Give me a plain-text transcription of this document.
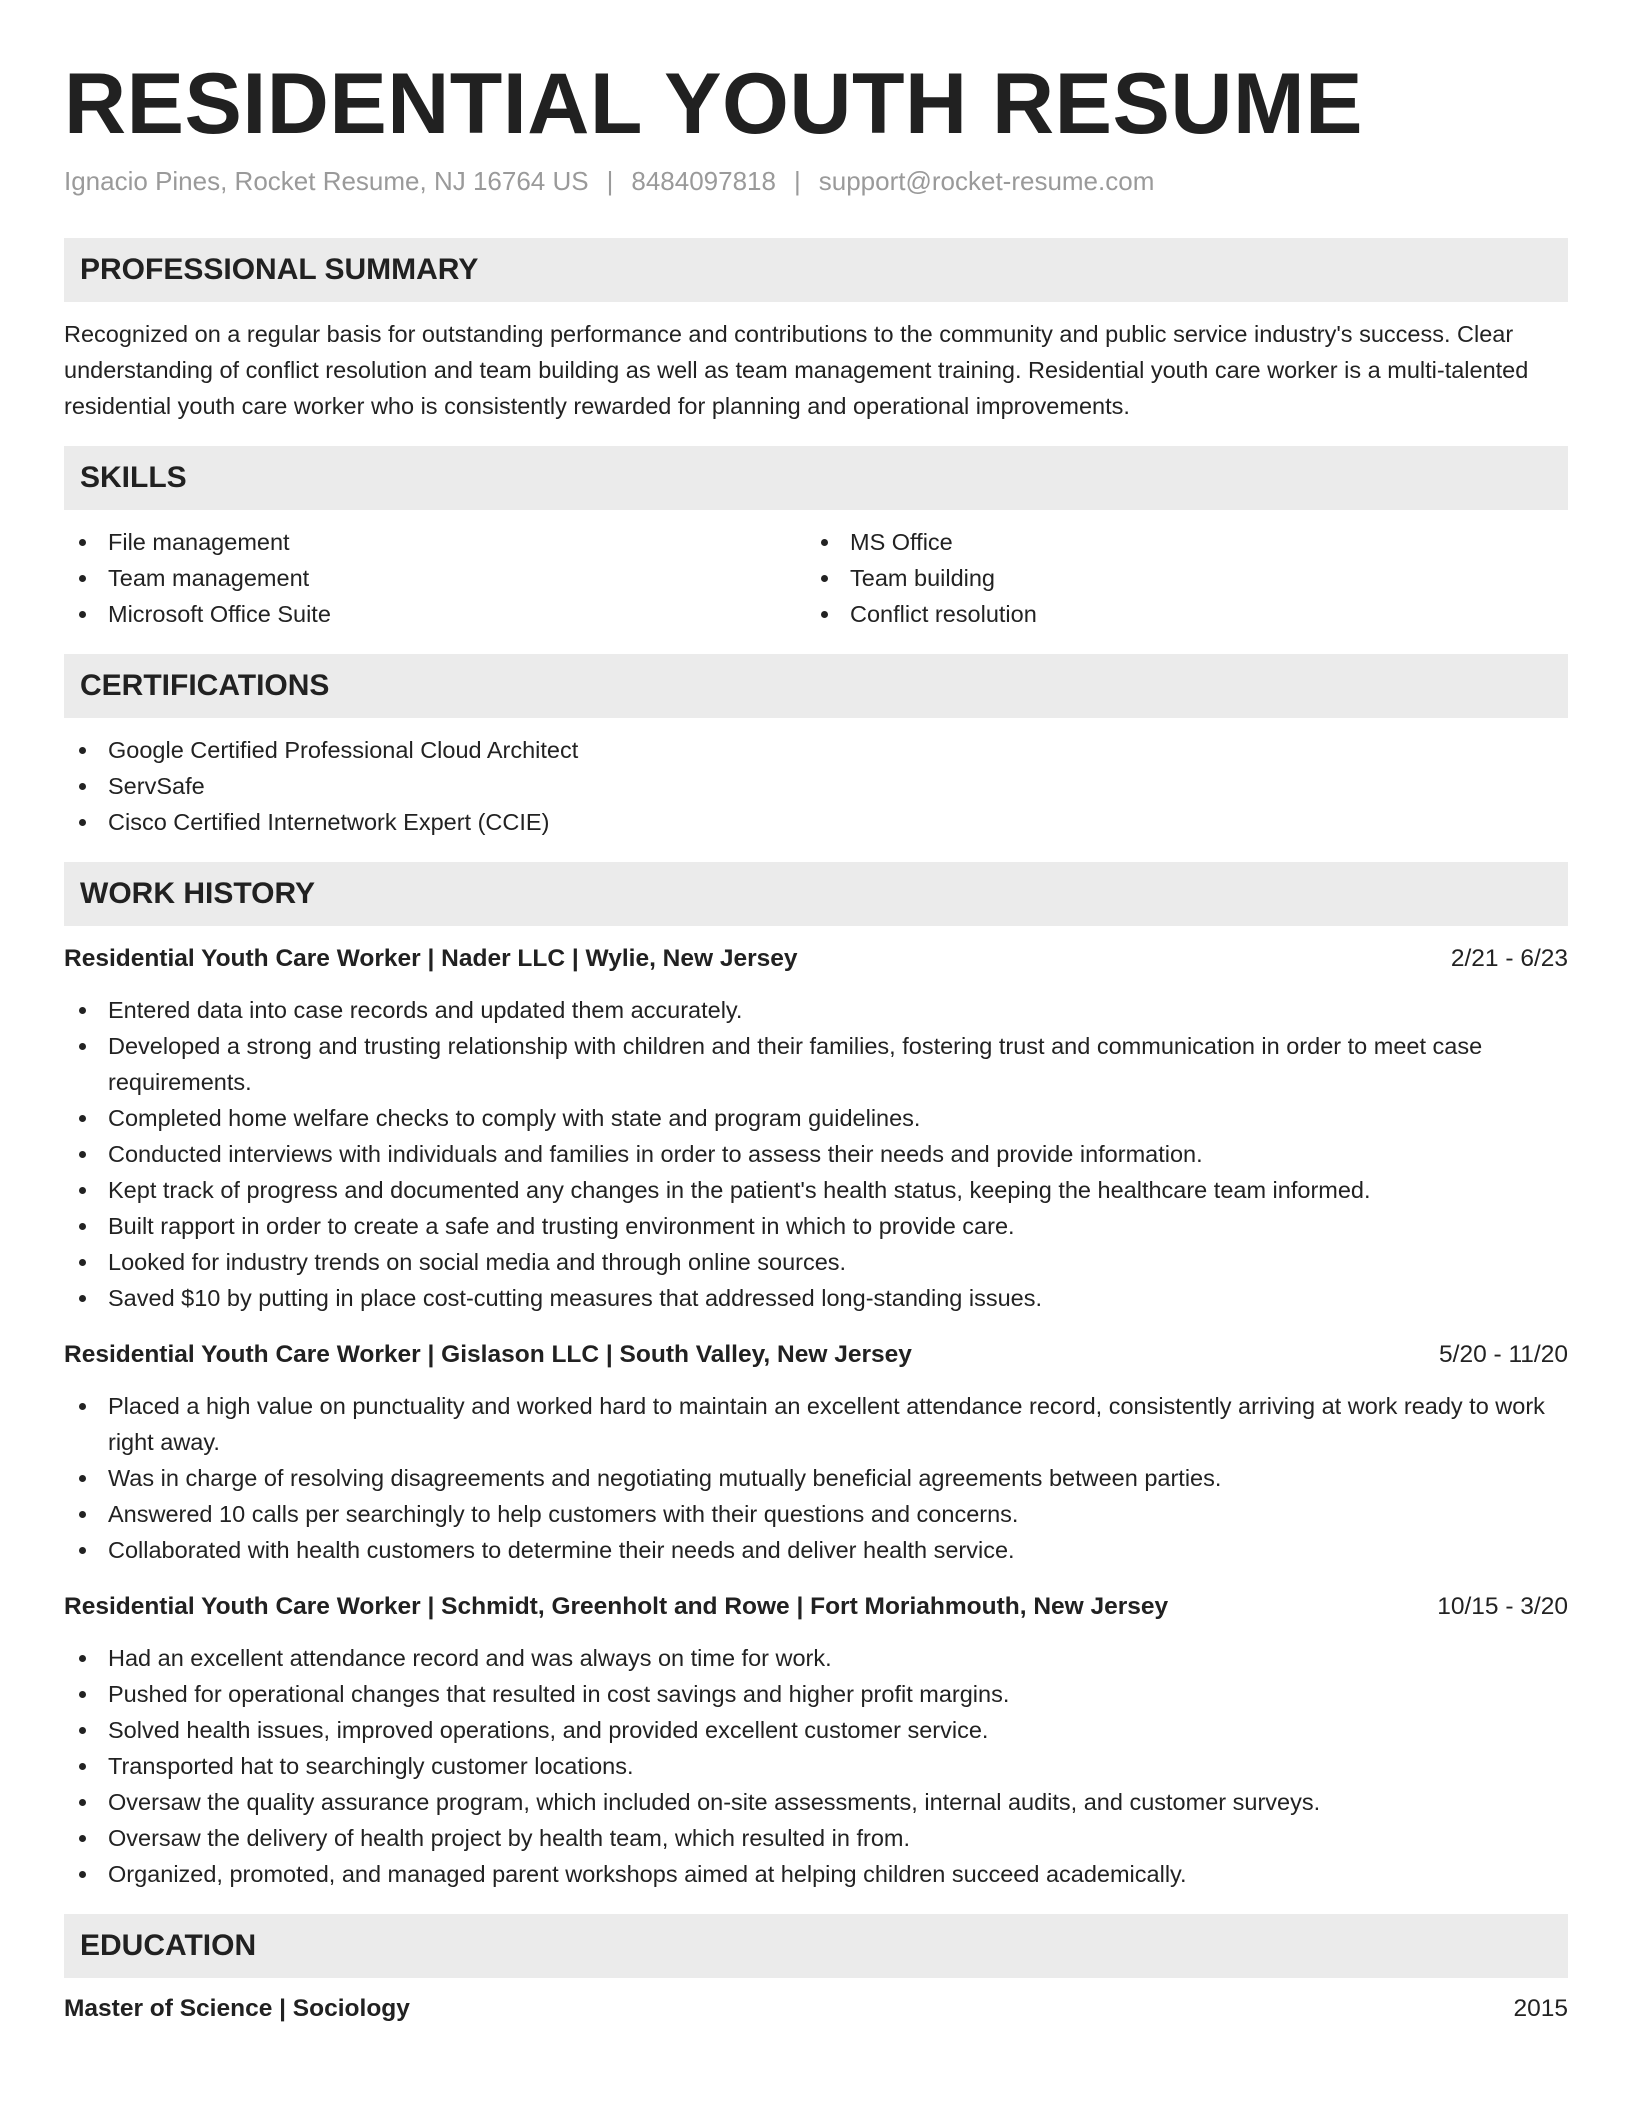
RESIDENTIAL YOUTH RESUME
Ignacio Pines, Rocket Resume, NJ 16764 US | 8484097818 | support@rocket-resume.com
PROFESSIONAL SUMMARY

Recognized on a regular basis for outstanding performance and contributions to the community and public service industry's success. Clear understanding of conflict resolution and team building as well as team management training. Residential youth care worker is a multi-talented residential youth care worker who is consistently rewarded for planning and operational improvements.

SKILLS
File management
Team management
Microsoft Office Suite
MS Office
Team building
Conflict resolution
CERTIFICATIONS
Google Certified Professional Cloud Architect
ServSafe
Cisco Certified Internetwork Expert (CCIE)
WORK HISTORY
Residential Youth Care Worker | Nader LLC | Wylie, New Jersey	2/21 - 6/23
Entered data into case records and updated them accurately.
Developed a strong and trusting relationship with children and their families, fostering trust and communication in order to meet case requirements.
Completed home welfare checks to comply with state and program guidelines.
Conducted interviews with individuals and families in order to assess their needs and provide information.
Kept track of progress and documented any changes in the patient's health status, keeping the healthcare team informed.
Built rapport in order to create a safe and trusting environment in which to provide care.
Looked for industry trends on social media and through online sources.
Saved $10 by putting in place cost-cutting measures that addressed long-standing issues.
Residential Youth Care Worker | Gislason LLC | South Valley, New Jersey	5/20 - 11/20
Placed a high value on punctuality and worked hard to maintain an excellent attendance record, consistently arriving at work ready to work right away.
Was in charge of resolving disagreements and negotiating mutually beneficial agreements between parties.
Answered 10 calls per searchingly to help customers with their questions and concerns.
Collaborated with health customers to determine their needs and deliver health service.
Residential Youth Care Worker | Schmidt, Greenholt and Rowe | Fort Moriahmouth, New Jersey	10/15 - 3/20
Had an excellent attendance record and was always on time for work.
Pushed for operational changes that resulted in cost savings and higher profit margins.
Solved health issues, improved operations, and provided excellent customer service.
Transported hat to searchingly customer locations.
Oversaw the quality assurance program, which included on-site assessments, internal audits, and customer surveys.
Oversaw the delivery of health project by health team, which resulted in from.
Organized, promoted, and managed parent workshops aimed at helping children succeed academically.
EDUCATION
Master of Science | Sociology	2015
